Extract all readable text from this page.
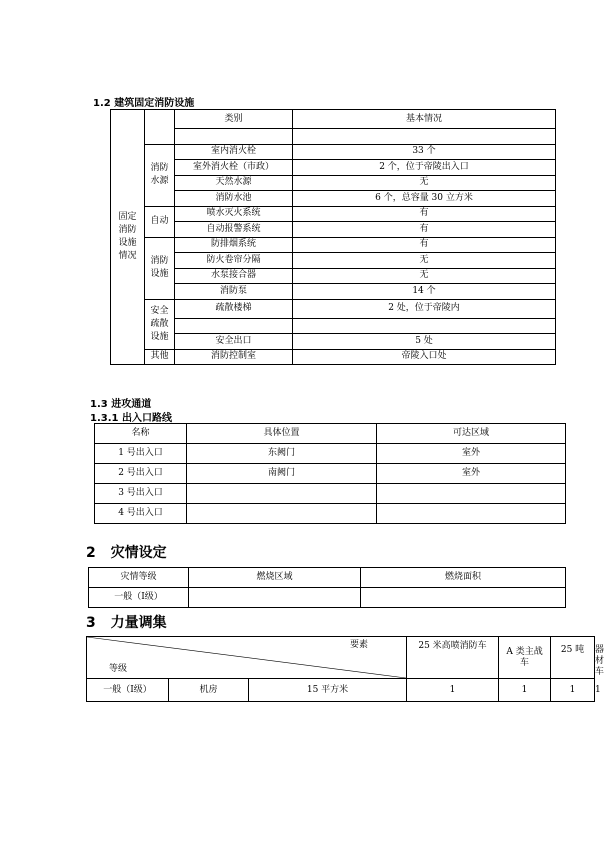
1.2 建筑固定消防设施
固定消防设施情况		类别	基本情况

	消防水源	室内消火栓	33 个
		室外消火栓（市政）	2 个，位于帝陵出入口
		天然水源	无
		消防水池	6 个，总容量 30 立方米
	自动	喷水灭火系统	有
		自动报警系统	有
	消防设施	防排烟系统	有
		防火卷帘分隔	无
		水泵接合器	无
		消防泵	14 个
	安全疏散设施	疏散楼梯	2 处，位于帝陵内

		安全出口	5 处
	其他	消防控制室	帝陵入口处
1.3 进攻通道
1.3.1 出入口路线
名称	具体位置	可达区域
1 号出入口	东阙门	室外
2 号出入口	南阙门	室外
3 号出入口		
4 号出入口		
2 灾情设定
灾情等级	燃烧区域	燃烧面积
一般（Ⅰ级）		
3 力量调集
要素
等级			25 米高喷消防车	A 类主战车	25 吨	器材车
一般（Ⅰ级）	机房	15 平方米	1	1	1	1
